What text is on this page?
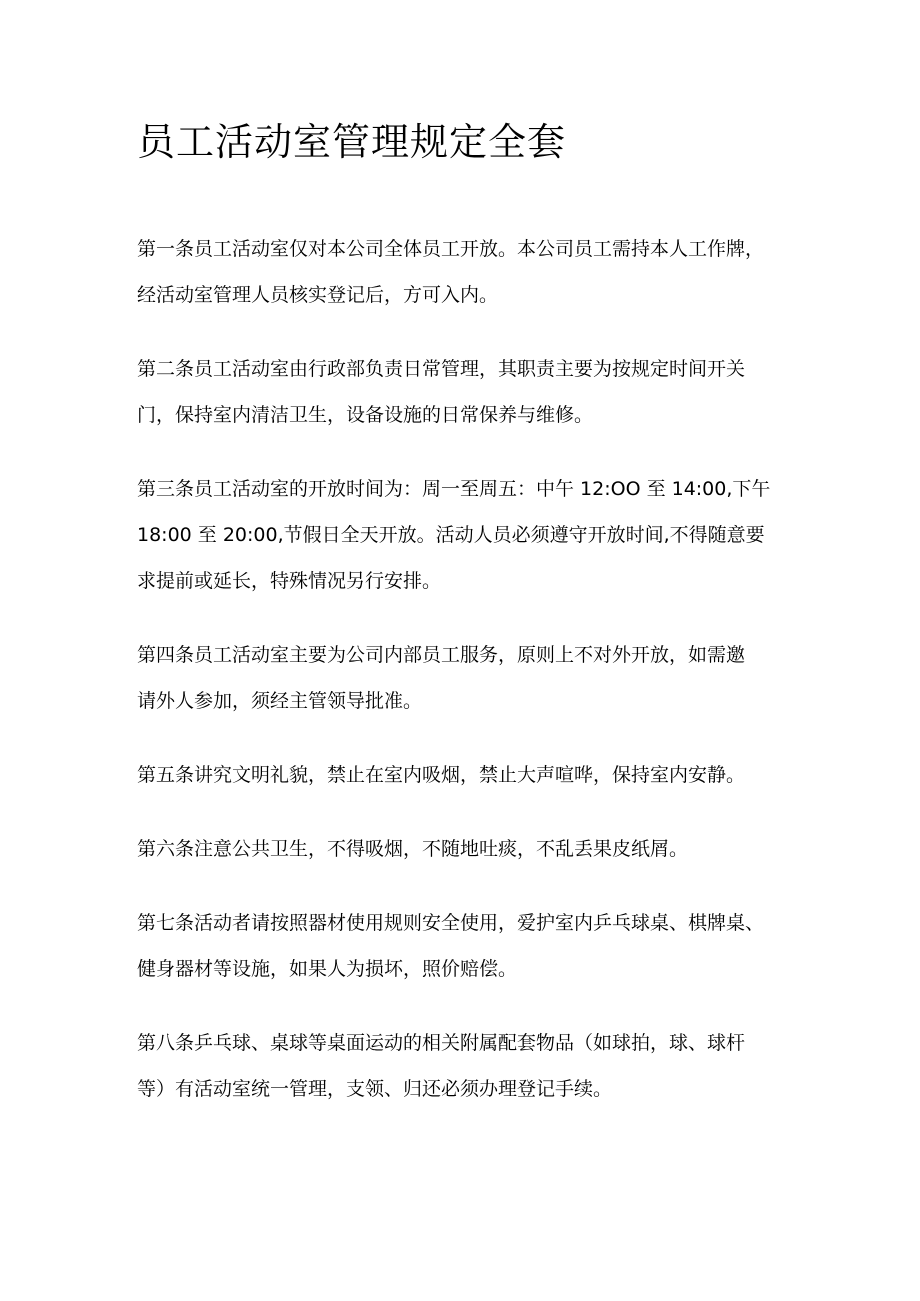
员工活动室管理规定全套

第一条员工活动室仅对本公司全体员工开放。本公司员工需持本人工作牌，

经活动室管理人员核实登记后，方可入内。

第二条员工活动室由行政部负责日常管理，其职责主要为按规定时间开关

门，保持室内清洁卫生，设备设施的日常保养与维修。

第三条员工活动室的开放时间为：周一至周五：中午 12:OO 至 14:00,下午

18:00 至 20:00,节假日全天开放。活动人员必须遵守开放时间,不得随意要

求提前或延长，特殊情况另行安排。

第四条员工活动室主要为公司内部员工服务，原则上不对外开放，如需邀

请外人参加，须经主管领导批准。

第五条讲究文明礼貌，禁止在室内吸烟，禁止大声喧哗，保持室内安静。

第六条注意公共卫生，不得吸烟，不随地吐痰，不乱丢果皮纸屑。

第七条活动者请按照器材使用规则安全使用，爱护室内乒乓球桌、棋牌桌、

健身器材等设施，如果人为损坏，照价赔偿。

第八条乒乓球、桌球等桌面运动的相关附属配套物品（如球拍，球、球杆

等）有活动室统一管理，支领、归还必须办理登记手续。
